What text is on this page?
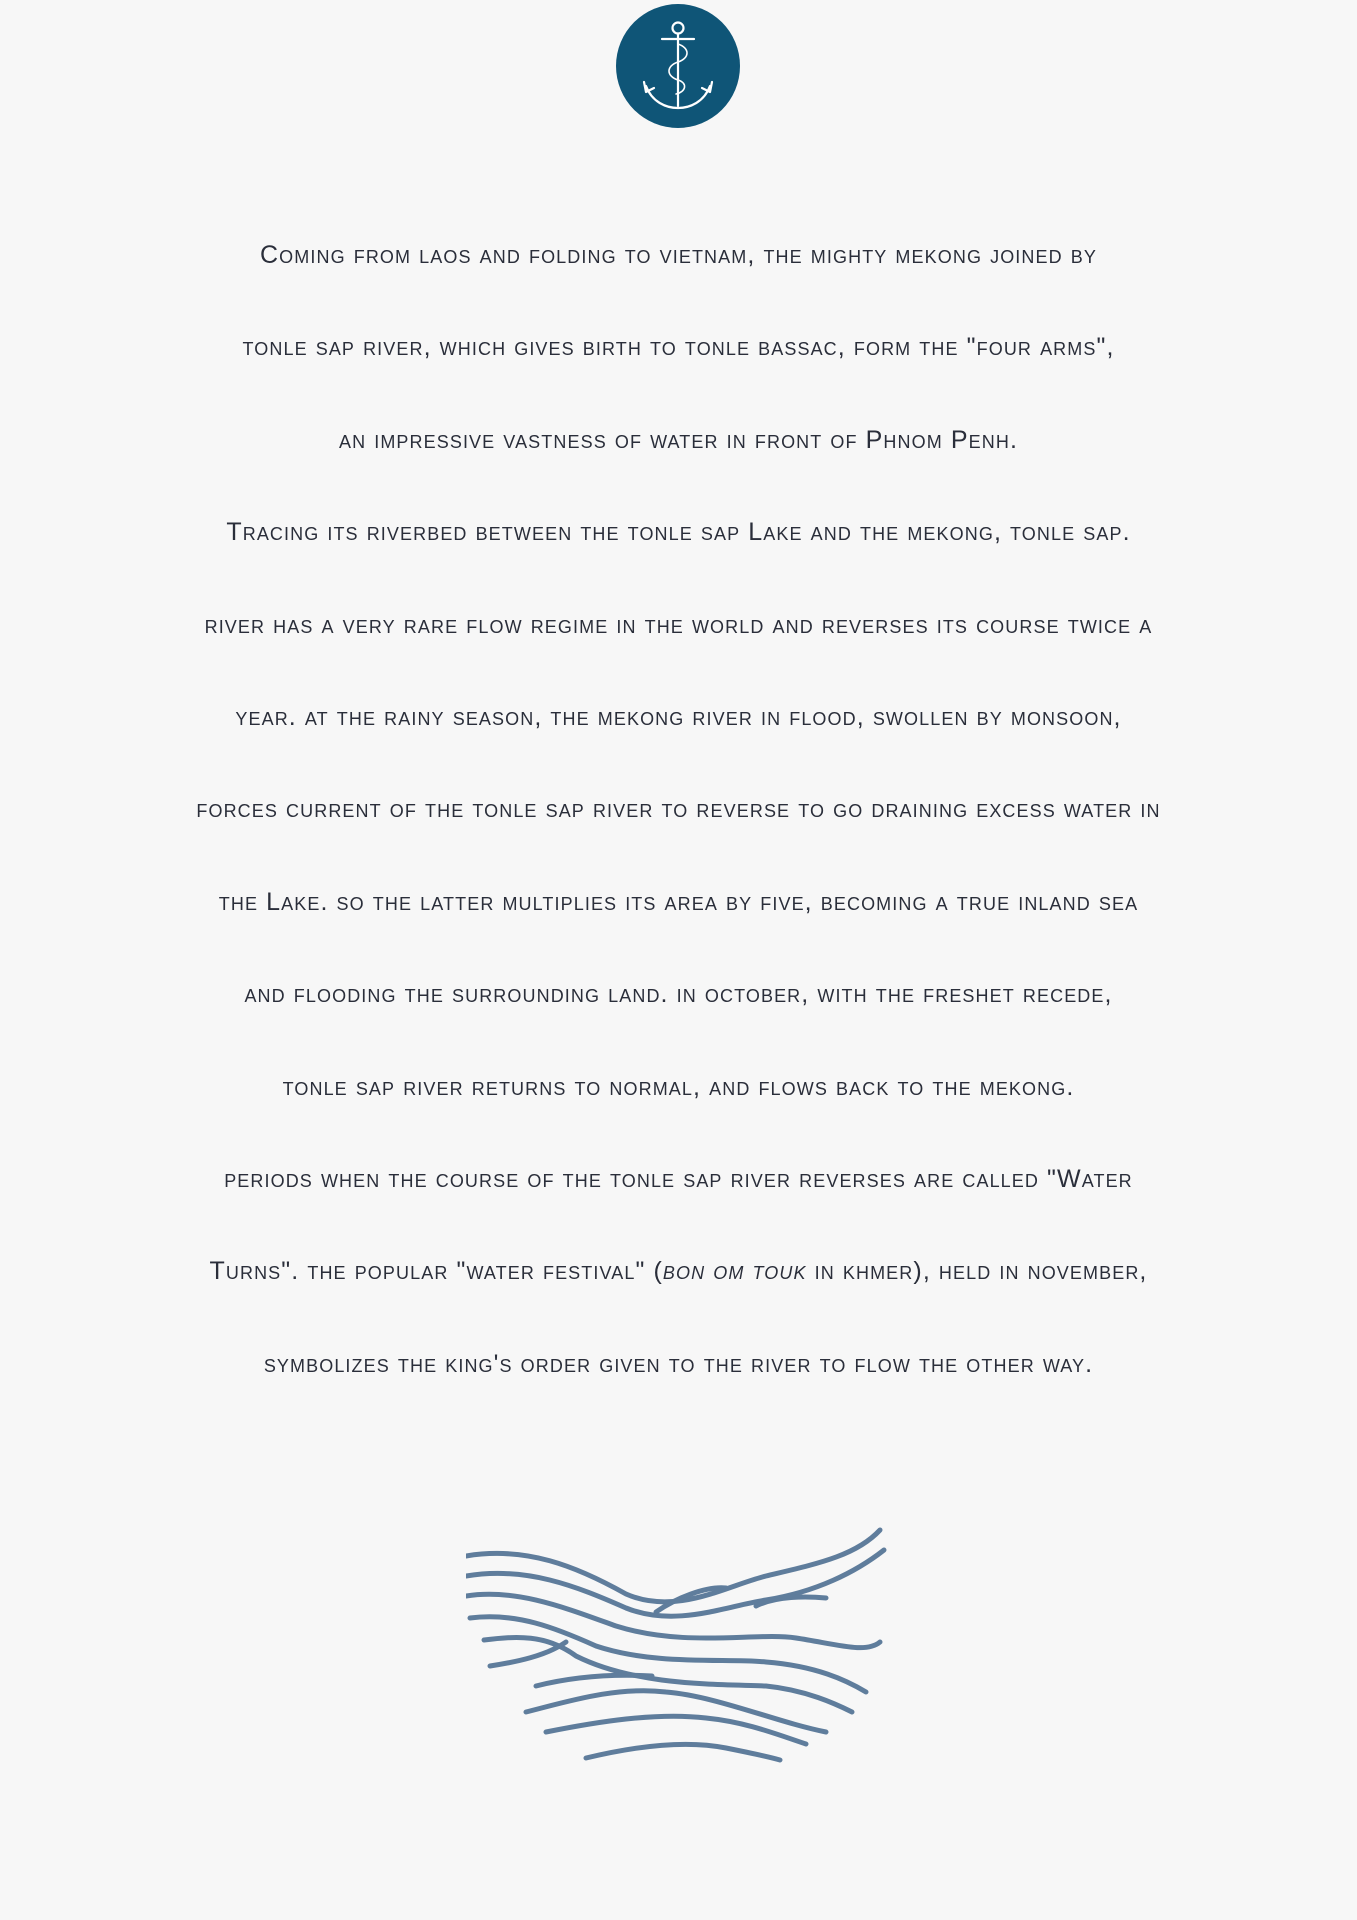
Coming from laos and folding to vietnam, the mighty mekong joined by
tonle sap river, which gives birth to tonle bassac, form the "four arms",
an impressive vastness of water in front of Phnom Penh.
Tracing its riverbed between the tonle sap Lake and the mekong, tonle sap.
river has a very rare flow regime in the world and reverses its course twice a
year. at the rainy season, the mekong river in flood, swollen by monsoon,
forces current of the tonle sap river to reverse to go draining excess water in
the Lake. so the latter multiplies its area by five, becoming a true inland sea
and flooding the surrounding land. in october, with the freshet recede,
tonle sap river returns to normal, and flows back to the mekong.
periods when the course of the tonle sap river reverses are called "Water
Turns". the popular "water festival" (bon om touk in khmer), held in november,
symbolizes the king's order given to the river to flow the other way.
